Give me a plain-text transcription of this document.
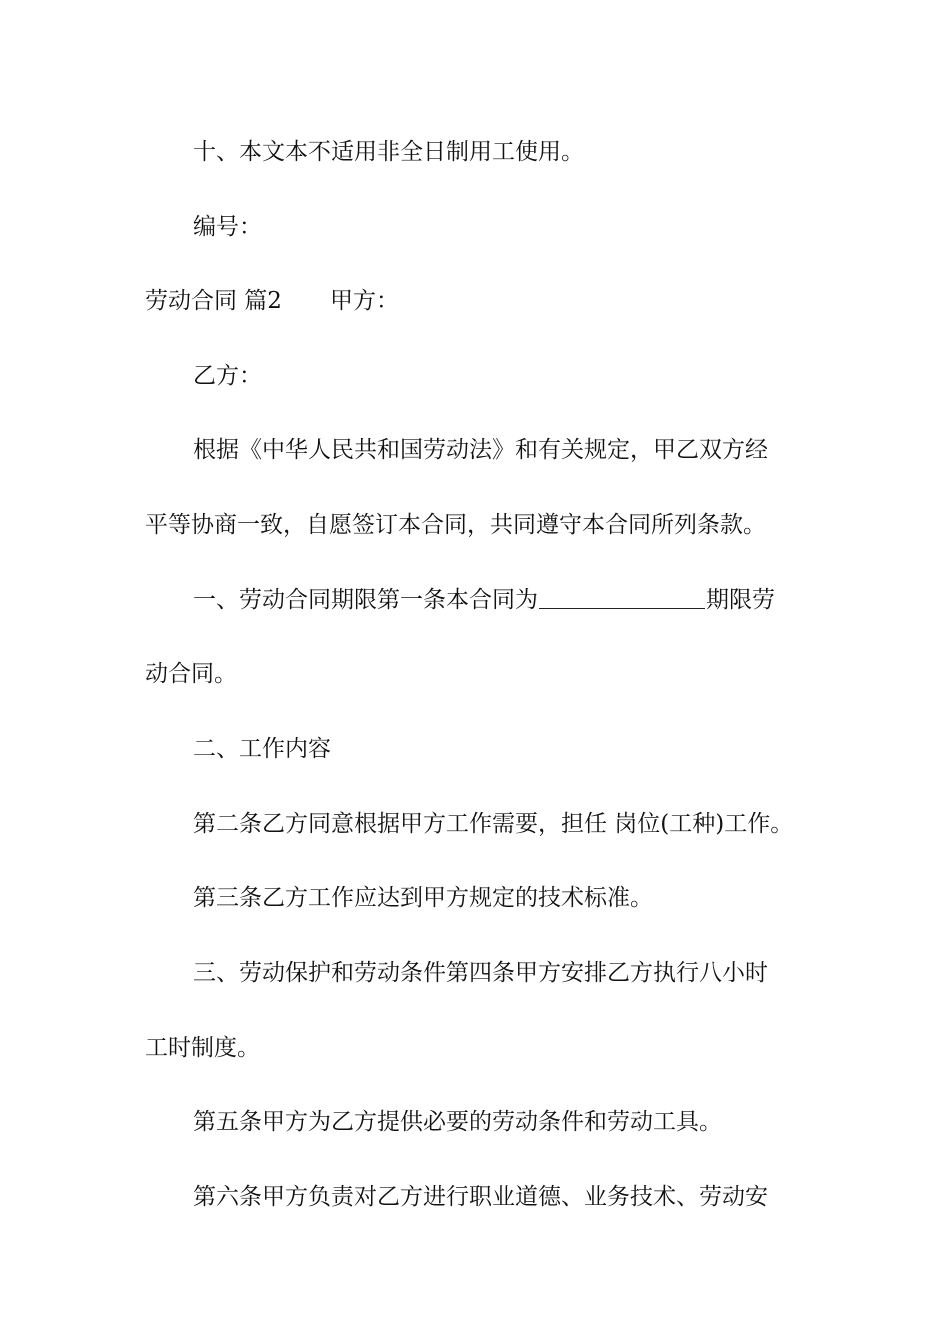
十、本文本不适用非全日制用工使用。
编号：
劳动合同 篇2 甲方：
乙方：
根据《中华人民共和国劳动法》和有关规定，甲乙双方经
平等协商一致，自愿签订本合同，共同遵守本合同所列条款。
一、劳动合同期限第一条本合同为	期限劳
动合同。
二、工作内容
第二条乙方同意根据甲方工作需要，担任 岗位(工种)工作。
第三条乙方工作应达到甲方规定的技术标准。
三、劳动保护和劳动条件第四条甲方安排乙方执行八小时
工时制度。
第五条甲方为乙方提供必要的劳动条件和劳动工具。
第六条甲方负责对乙方进行职业道德、业务技术、劳动安
